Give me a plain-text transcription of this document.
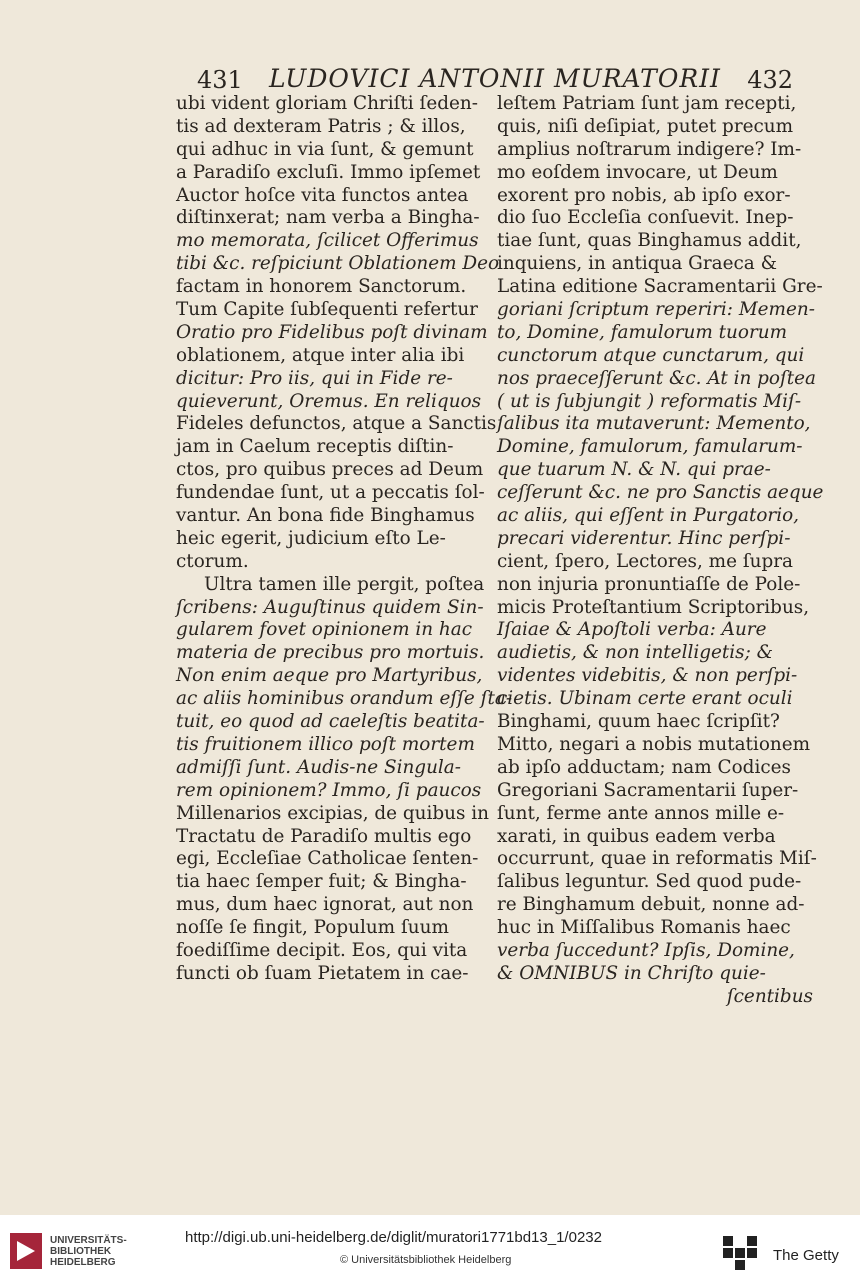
431	LUDOVICI ANTONII MURATORII	432
ubi vident gloriam Chriſti ſeden-
tis ad dexteram Patris ; & illos,
qui adhuc in via ſunt, & gemunt
a Paradiſo excluſi. Immo ipſemet
Auctor hoſce vita functos antea
diſtinxerat; nam verba a Bingha-
mo memorata, ſcilicet Offerimus
tibi &c. reſpiciunt Oblationem Deo
factam in honorem Sanctorum.
Tum Capite ſubſequenti refertur
Oratio pro Fidelibus poſt divinam
oblationem, atque inter alia ibi
dicitur: Pro iis, qui in Fide re-
quieverunt, Oremus. En reliquos
Fideles defunctos, atque a Sanctis
jam in Caelum receptis diſtin-
ctos, pro quibus preces ad Deum
fundendae ſunt, ut a peccatis ſol-
vantur. An bona fide Binghamus
heic egerit, judicium eſto Le-
ctorum.
Ultra tamen ille pergit, poſtea
ſcribens: Auguſtinus quidem Sin-
gularem fovet opinionem in hac
materia de precibus pro mortuis.
Non enim aeque pro Martyribus,
ac aliis hominibus orandum eſſe ſta-
tuit, eo quod ad caeleſtis beatita-
tis fruitionem illico poſt mortem
admiſſi ſunt. Audis-ne Singula-
rem opinionem? Immo, ſi paucos
Millenarios excipias, de quibus in
Tractatu de Paradiſo multis ego
egi, Eccleſiae Catholicae ſenten-
tia haec ſemper fuit; & Bingha-
mus, dum haec ignorat, aut non
noſſe ſe fingit, Populum ſuum
foediſſime decipit. Eos, qui vita
functi ob ſuam Pietatem in cae-
leſtem Patriam ſunt jam recepti,
quis, niſi deſipiat, putet precum
amplius noſtrarum indigere? Im-
mo eoſdem invocare, ut Deum
exorent pro nobis, ab ipſo exor-
dio ſuo Eccleſia conſuevit. Inep-
tiae ſunt, quas Binghamus addit,
inquiens, in antiqua Graeca &
Latina editione Sacramentarii Gre-
goriani ſcriptum reperiri: Memen-
to, Domine, famulorum tuorum
cunctorum atque cunctarum, qui
nos praeceſſerunt &c. At in poſtea
( ut is ſubjungit ) reformatis Miſ-
ſalibus ita mutaverunt: Memento,
Domine, famulorum, famularum-
que tuarum N. & N. qui prae-
ceſſerunt &c. ne pro Sanctis aeque
ac aliis, qui eſſent in Purgatorio,
precari viderentur. Hinc perſpi-
cient, ſpero, Lectores, me ſupra
non injuria pronuntiaſſe de Pole-
micis Proteſtantium Scriptoribus,
Iſaiae & Apoſtoli verba: Aure
audietis, & non intelligetis; &
videntes videbitis, & non perſpi-
cietis. Ubinam certe erant oculi
Binghami, quum haec ſcripſit?
Mitto, negari a nobis mutationem
ab ipſo adductam; nam Codices
Gregoriani Sacramentarii ſuper-
ſunt, ferme ante annos mille e-
xarati, in quibus eadem verba
occurrunt, quae in reformatis Miſ-
ſalibus leguntur. Sed quod pude-
re Binghamum debuit, nonne ad-
huc in Miſſalibus Romanis haec
verba ſuccedunt? Ipſis, Domine,
& OMNIBUS in Chriſto quie-
ſcentibus
UNIVERSITÄTS-
BIBLIOTHEK
HEIDELBERG
http://digi.ub.uni-heidelberg.de/diglit/muratori1771bd13_1/0232
© Universitätsbibliothek Heidelberg	The Getty
